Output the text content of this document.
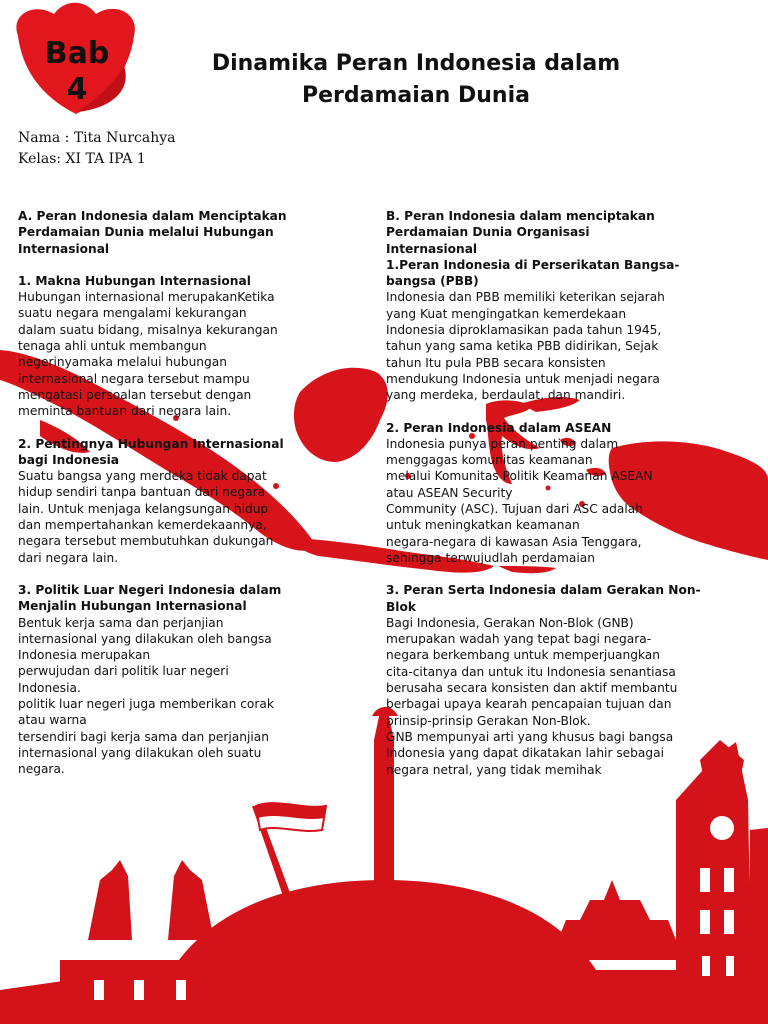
Bab
4
Dinamika Peran Indonesia dalam
Perdamaian Dunia
Nama : Tita Nurcahya
Kelas: XI TA IPA 1
A. Peran Indonesia dalam Menciptakan
Perdamaian Dunia melalui Hubungan
Internasional
1. Makna Hubungan Internasional
Hubungan internasional merupakanKetika
suatu negara mengalami kekurangan
dalam suatu bidang, misalnya kekurangan
tenaga ahli untuk membangun
negerinyamaka melalui hubungan
internasional negara tersebut mampu
mengatasi persoalan tersebut dengan
meminta bantuan dari negara lain.
2. Pentingnya Hubungan Internasional
bagi Indonesia
Suatu bangsa yang merdeka tidak dapat
hidup sendiri tanpa bantuan dari negara
lain. Untuk menjaga kelangsungan hidup
dan mempertahankan kemerdekaannya,
negara tersebut membutuhkan dukungan
dari negara lain.
3. Politik Luar Negeri Indonesia dalam
Menjalin Hubungan Internasional
Bentuk kerja sama dan perjanjian
internasional yang dilakukan oleh bangsa
Indonesia merupakan
perwujudan dari politik luar negeri
Indonesia.
politik luar negeri juga memberikan corak
atau warna
tersendiri bagi kerja sama dan perjanjian
internasional yang dilakukan oleh suatu
negara.
B. Peran Indonesia dalam menciptakan
Perdamaian Dunia Organisasi
Internasional
1.Peran Indonesia di Perserikatan Bangsa-
bangsa (PBB)
Indonesia dan PBB memiliki keterikan sejarah
yang Kuat mengingatkan kemerdekaan
Indonesia diproklamasikan pada tahun 1945,
tahun yang sama ketika PBB didirikan, Sejak
tahun Itu pula PBB secara konsisten
mendukung Indonesia untuk menjadi negara
yang merdeka, berdaulat, dan mandiri.
2. Peran Indonesia dalam ASEAN
Indonesia punya peran penting dalam
menggagas komunitas keamanan
melalui Komunitas Politik Keamanan ASEAN
atau ASEAN Security
Community (ASC). Tujuan dari ASC adalah
untuk meningkatkan keamanan
negara-negara di kawasan Asia Tenggara,
sehingga terwujudlah perdamaian
3. Peran Serta Indonesia dalam Gerakan Non-
Blok
Bagi Indonesia, Gerakan Non-Blok (GNB)
merupakan wadah yang tepat bagi negara-
negara berkembang untuk memperjuangkan
cita-citanya dan untuk itu Indonesia senantiasa
berusaha secara konsisten dan aktif membantu
berbagai upaya kearah pencapaian tujuan dan
prinsip-prinsip Gerakan Non-Blok.
GNB mempunyai arti yang khusus bagi bangsa
Indonesia yang dapat dikatakan lahir sebagai
negara netral, yang tidak memihak
